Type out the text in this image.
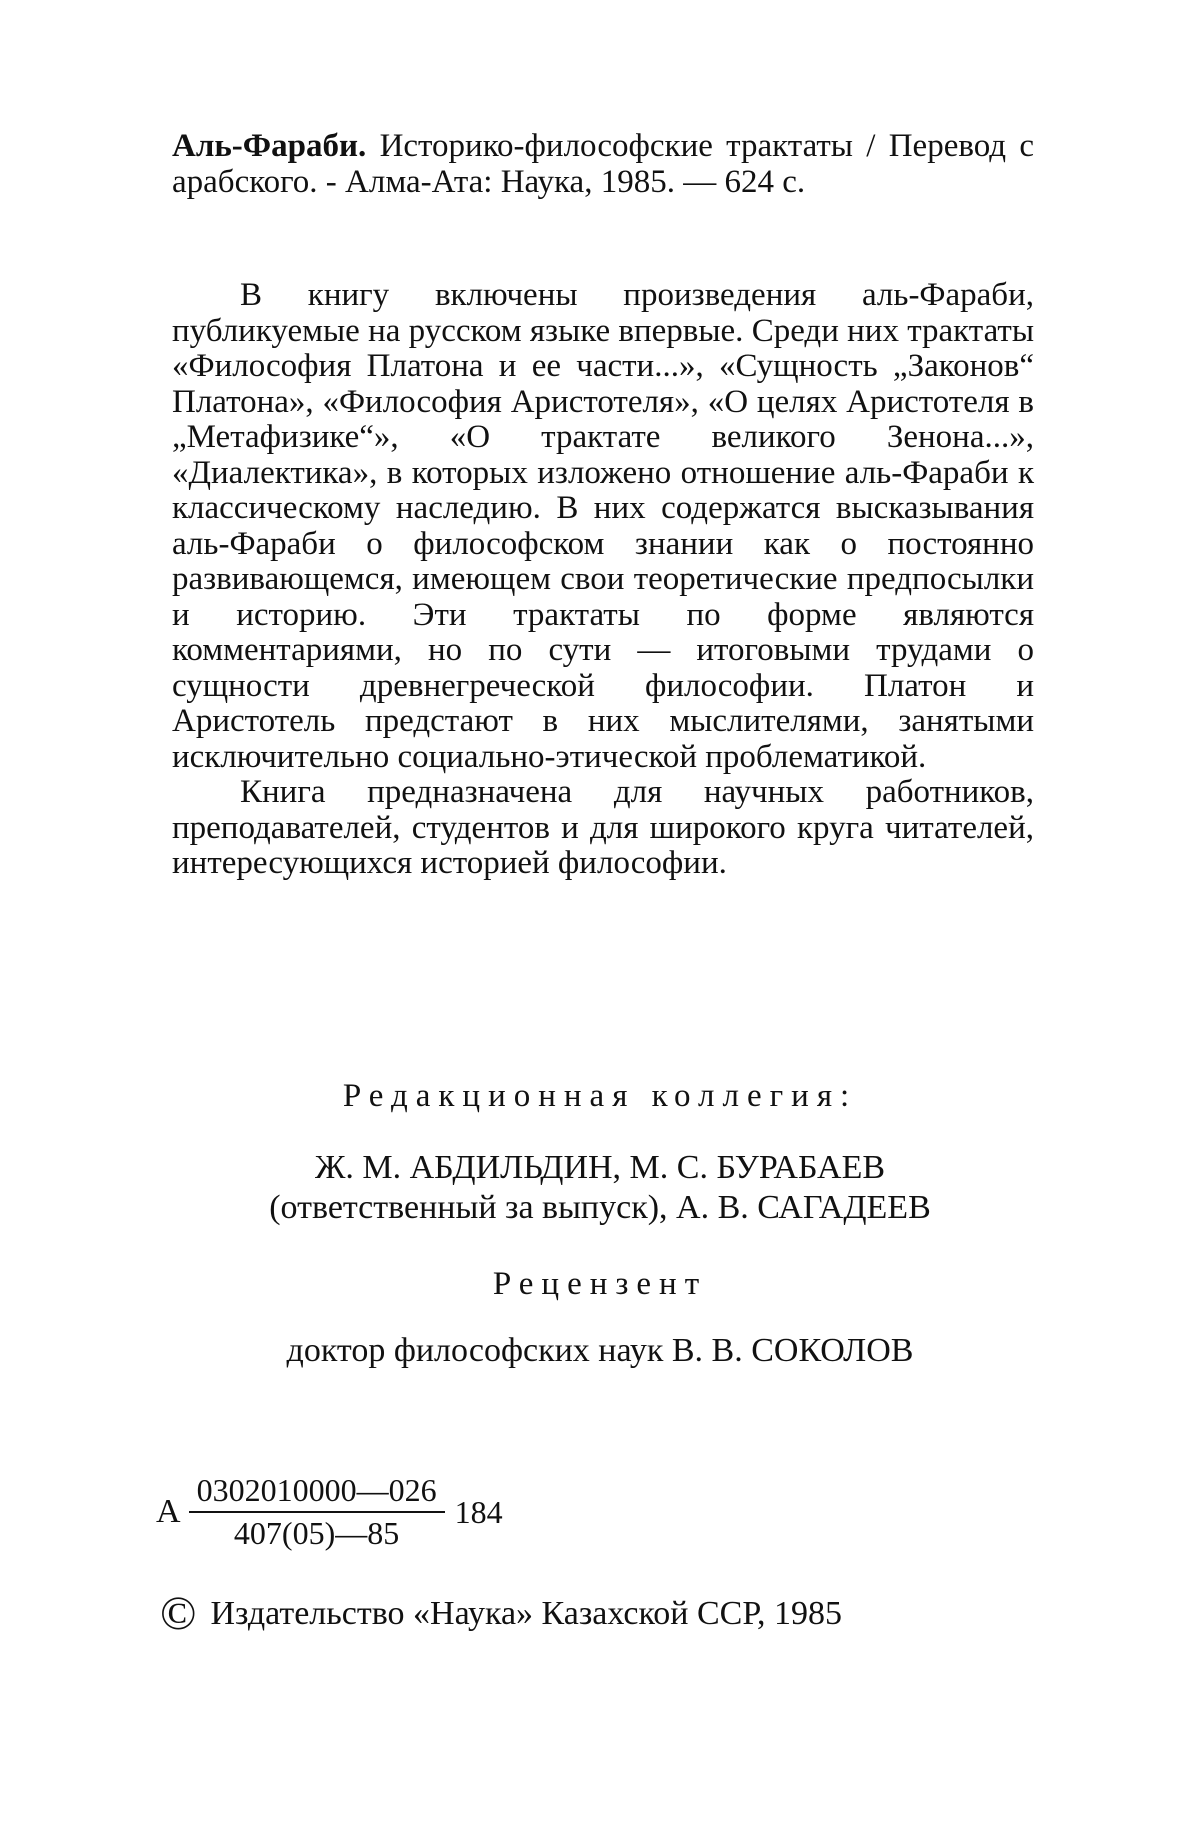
Аль-Фараби. Историко-философские трактаты / Перевод с арабского. - Алма-Ата: Наука, 1985. — 624 с.

В книгу включены произведения аль-Фараби, публикуемые на русском языке впервые. Среди них трактаты «Философия Платона и ее части...», «Сущность „Законов“ Платона», «Философия Аристотеля», «О целях Аристотеля в „Метафизике“», «О трактате великого Зенона...», «Диалектика», в которых изложено отношение аль-Фараби к классическому наследию. В них содержатся высказывания аль-Фараби о философском знании как о постоянно развивающемся, имеющем свои теоретические предпосылки и историю. Эти трактаты по форме являются комментариями, но по сути — итоговыми трудами о сущности древнегреческой философии. Платон и Аристотель предстают в них мыслителями, занятыми исключительно социально-этической проблематикой.

Книга предназначена для научных работников, преподавателей, студентов и для широкого круга читателей, интересующихся историей философии.

Редакционная коллегия:
Ж. М. АБДИЛЬДИН, М. С. БУРАБАЕВ
(ответственный за выпуск), А. В. САГАДЕЕВ
Рецензент
доктор философских наук В. В. СОКОЛОВ
А $\frac{0302010000—026}{407(05)—85} 184$
© Издательство «Наука» Казахской ССР, 1985
